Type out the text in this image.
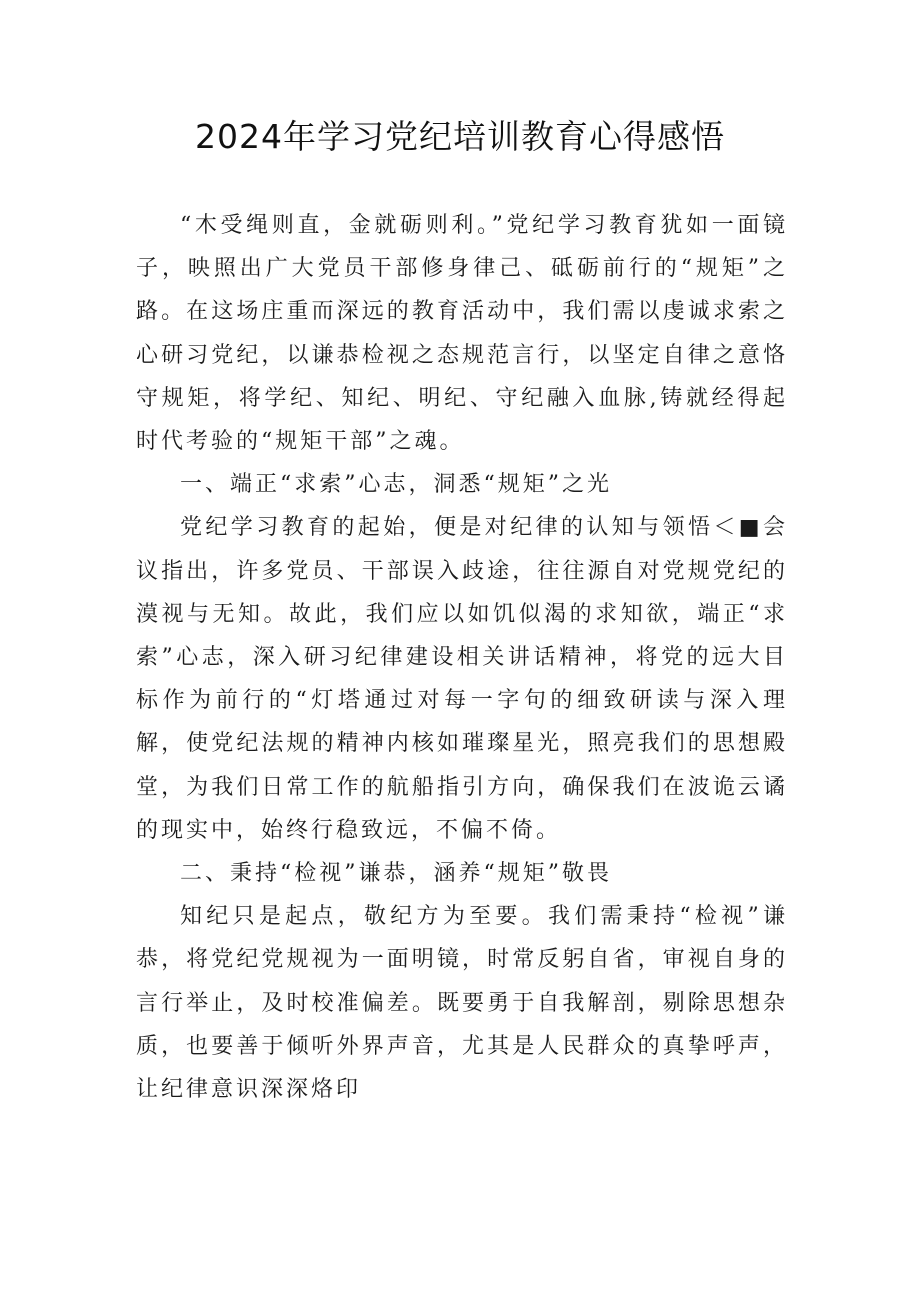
2024年学习党纪培训教育心得感悟

“木受绳则直，金就砺则利。”党纪学习教育犹如一面镜子，映照出广大党员干部修身律己、砥砺前行的“规矩”之路。在这场庄重而深远的教育活动中，我们需以虔诚求索之心研习党纪，以谦恭检视之态规范言行，以坚定自律之意恪守规矩，将学纪、知纪、明纪、守纪融入血脉,铸就经得起时代考验的“规矩干部”之魂。

一、端正“求索”心志，洞悉“规矩”之光

党纪学习教育的起始，便是对纪律的认知与领悟＜■会议指出，许多党员、干部误入歧途，往往源自对党规党纪的漠视与无知。故此，我们应以如饥似渴的求知欲，端正“求索”心志，深入研习纪律建设相关讲话精神，将党的远大目标作为前行的“灯塔通过对每一字句的细致研读与深入理解，使党纪法规的精神内核如璀璨星光，照亮我们的思想殿堂，为我们日常工作的航船指引方向，确保我们在波诡云谲的现实中，始终行稳致远，不偏不倚。

二、秉持“检视”谦恭，涵养“规矩”敬畏

知纪只是起点，敬纪方为至要。我们需秉持“检视”谦恭，将党纪党规视为一面明镜，时常反躬自省，审视自身的言行举止，及时校准偏差。既要勇于自我解剖，剔除思想杂质，也要善于倾听外界声音，尤其是人民群众的真挚呼声，让纪律意识深深烙印
